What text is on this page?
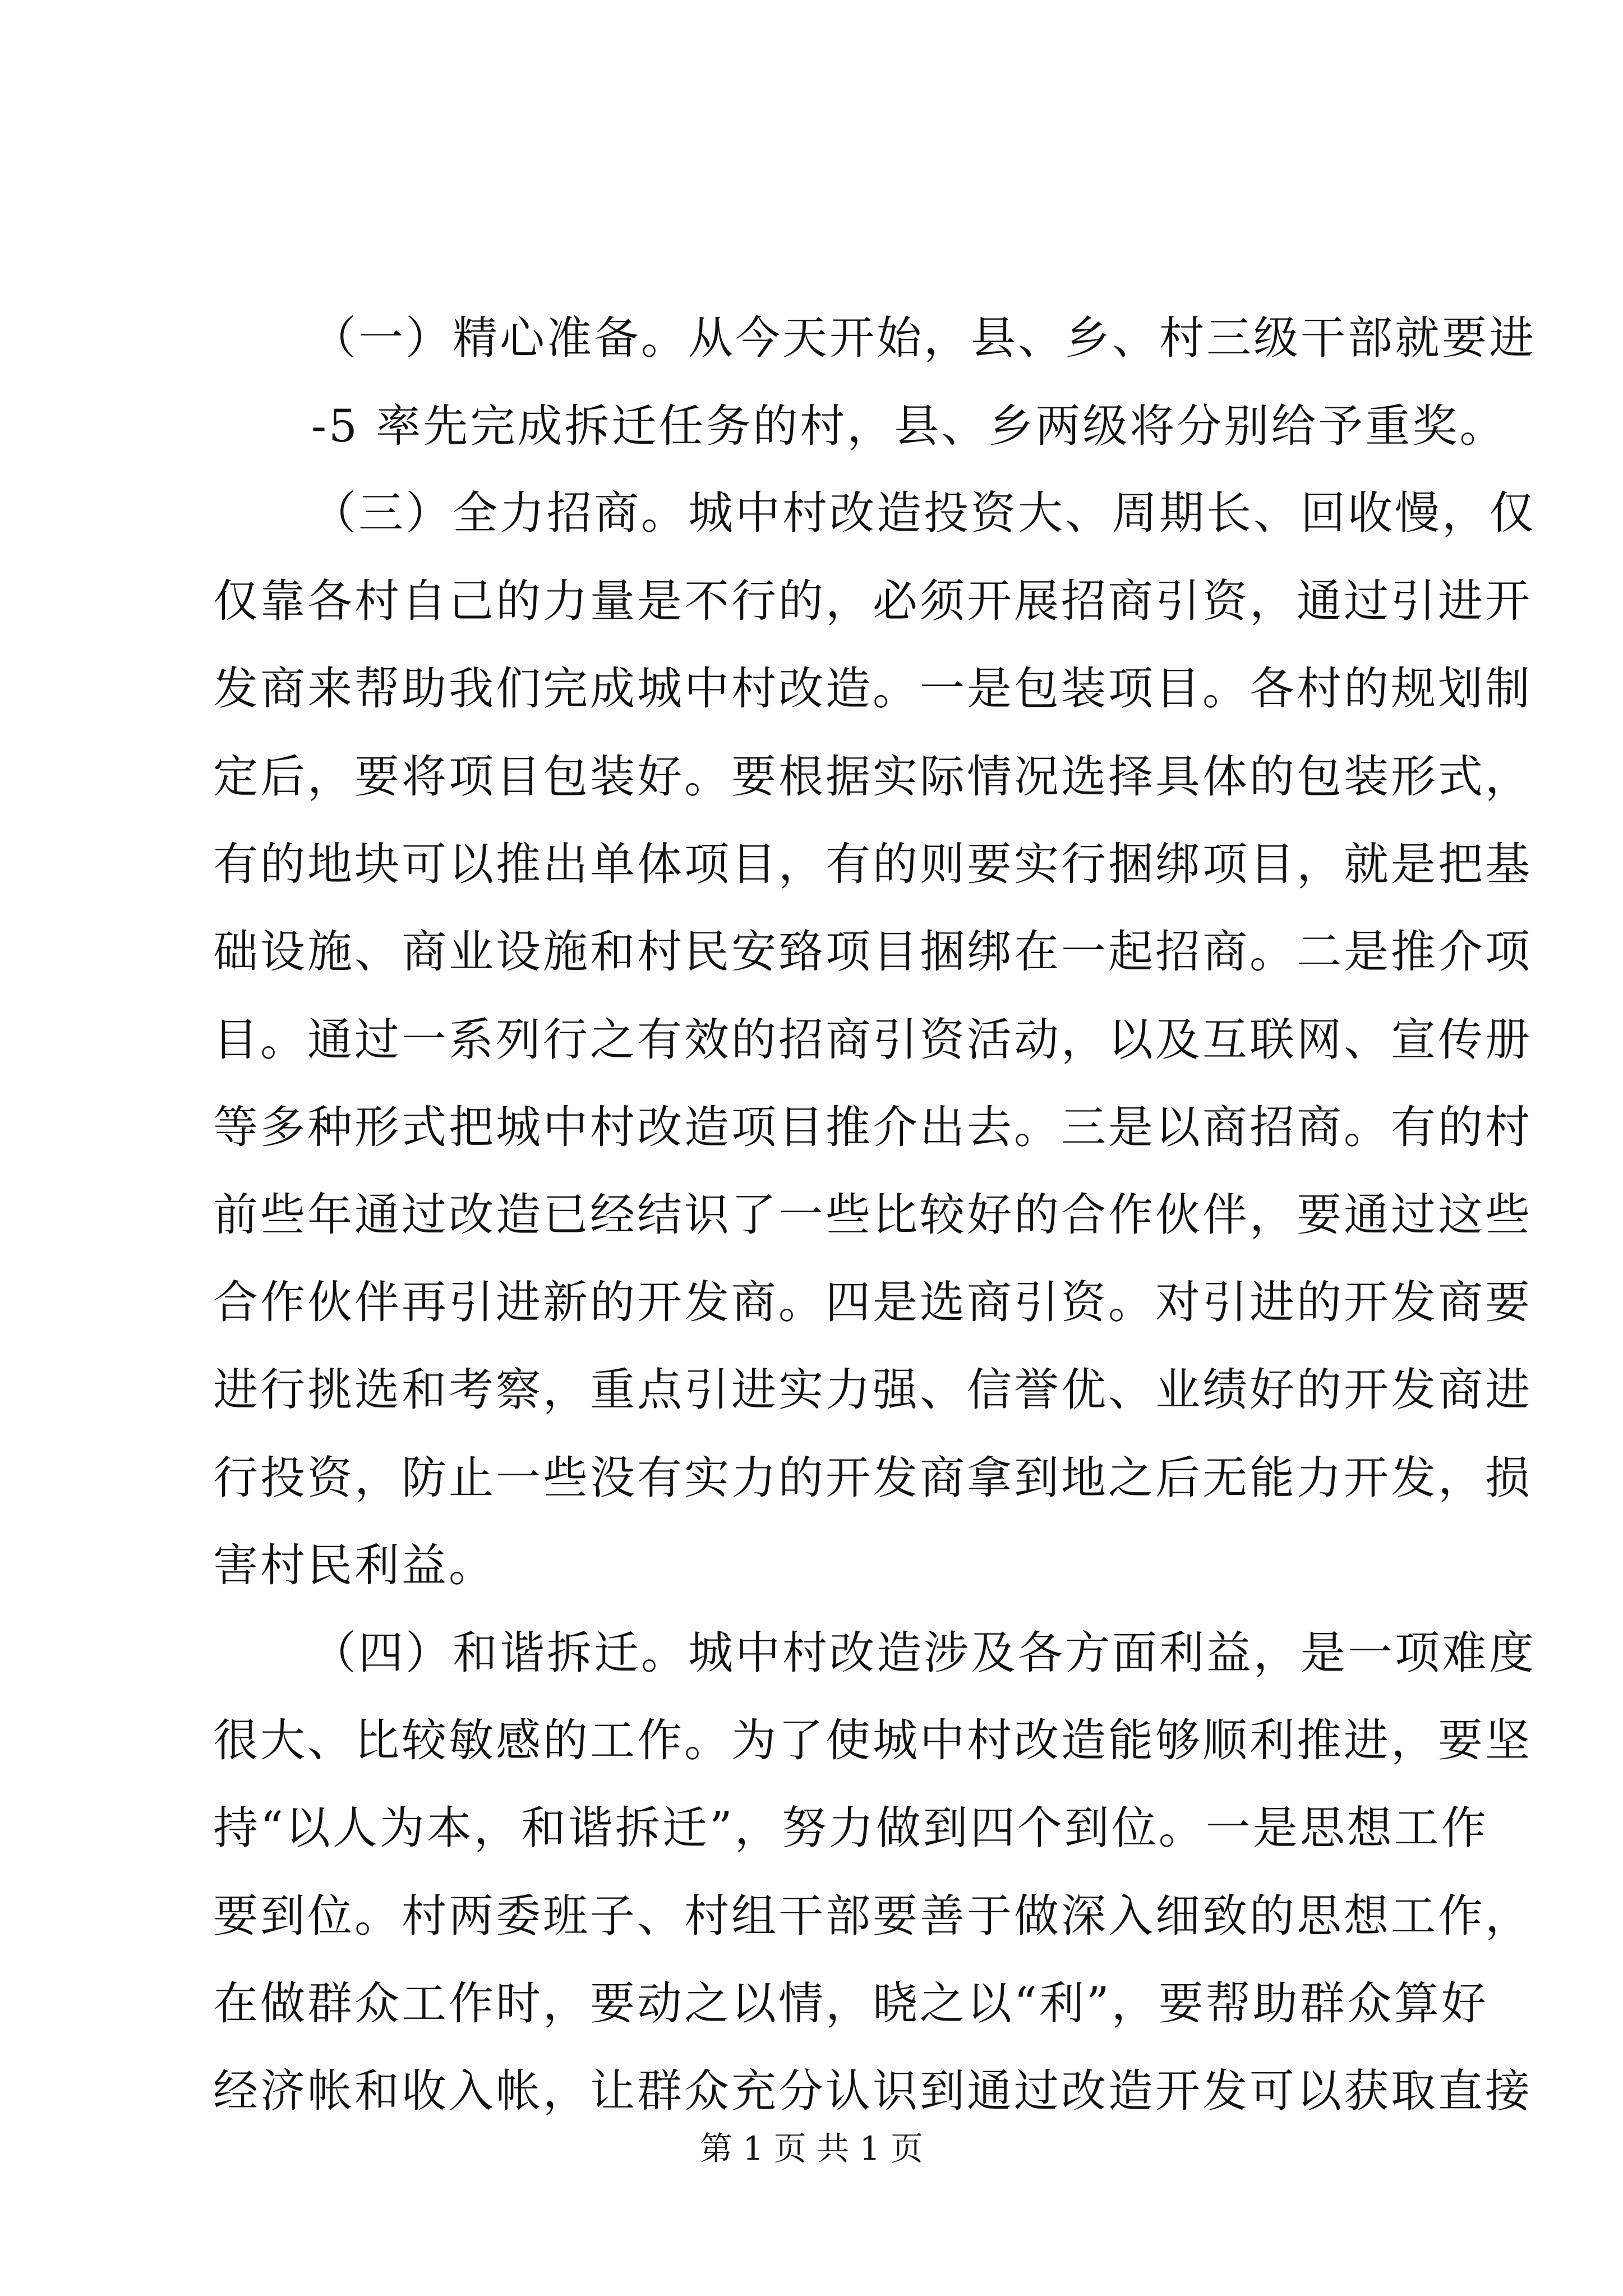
（一）精心准备。从今天开始，县、乡、村三级干部就要进
-5 率先完成拆迁任务的村，县、乡两级将分别给予重奖。
（三）全力招商。城中村改造投资大、周期长、回收慢，仅
仅靠各村自己的力量是不行的，必须开展招商引资，通过引进开
发商来帮助我们完成城中村改造。一是包装项目。各村的规划制
定后，要将项目包装好。要根据实际情况选择具体的包装形式，
有的地块可以推出单体项目，有的则要实行捆绑项目，就是把基
础设施、商业设施和村民安臵项目捆绑在一起招商。二是推介项
目。通过一系列行之有效的招商引资活动，以及互联网、宣传册
等多种形式把城中村改造项目推介出去。三是以商招商。有的村
前些年通过改造已经结识了一些比较好的合作伙伴，要通过这些
合作伙伴再引进新的开发商。四是选商引资。对引进的开发商要
进行挑选和考察，重点引进实力强、信誉优、业绩好的开发商进
行投资，防止一些没有实力的开发商拿到地之后无能力开发，损
害村民利益。
（四）和谐拆迁。城中村改造涉及各方面利益，是一项难度
很大、比较敏感的工作。为了使城中村改造能够顺利推进，要坚
持“以人为本，和谐拆迁”，努力做到四个到位。一是思想工作
要到位。村两委班子、村组干部要善于做深入细致的思想工作，
在做群众工作时，要动之以情，晓之以“利”，要帮助群众算好
经济帐和收入帐，让群众充分认识到通过改造开发可以获取直接
第 1 页 共 1 页
